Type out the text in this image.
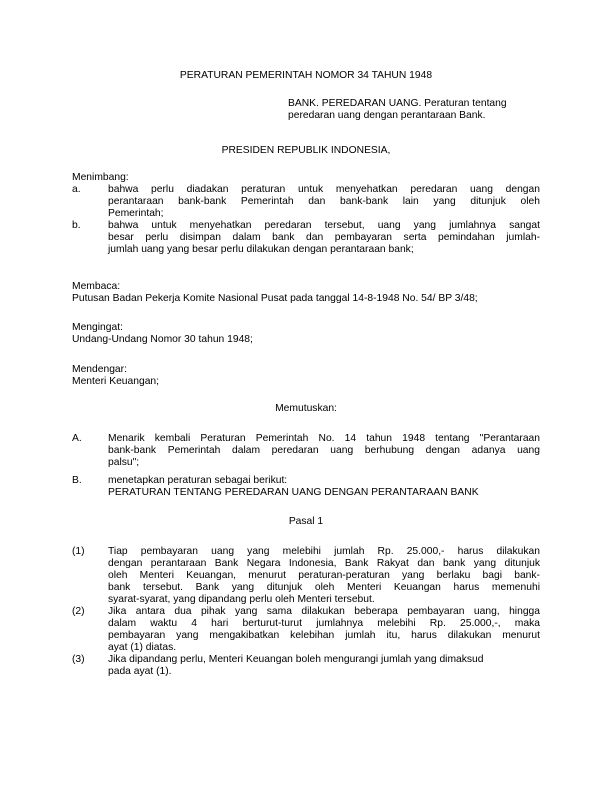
PERATURAN PEMERINTAH NOMOR 34 TAHUN 1948
BANK. PEREDARAN UANG. Peraturan tentang
peredaran uang dengan perantaraan Bank.
PRESIDEN REPUBLIK INDONESIA,
Menimbang:
a.	bahwa perlu diadakan peraturan untuk menyehatkan peredaran uang dengan
perantaraan bank-bank Pemerintah dan bank-bank lain yang ditunjuk oleh
Pemerintah;
b.	bahwa untuk menyehatkan peredaran tersebut, uang yang jumlahnya sangat
besar perlu disimpan dalam bank dan pembayaran serta pemindahan jumlah-
jumlah uang yang besar perlu dilakukan dengan perantaraan bank;
Membaca:
Putusan Badan Pekerja Komite Nasional Pusat pada tanggal 14-8-1948 No. 54/ BP 3/48;
Mengingat:
Undang-Undang Nomor 30 tahun 1948;
Mendengar:
Menteri Keuangan;
Memutuskan:
A.	Menarik kembali Peraturan Pemerintah No. 14 tahun 1948 tentang "Perantaraan
bank-bank Pemerintah dalam peredaran uang berhubung dengan adanya uang
palsu";
B.	menetapkan peraturan sebagai berikut:
PERATURAN TENTANG PEREDARAN UANG DENGAN PERANTARAAN BANK
Pasal 1
(1) Tiap pembayaran uang yang melebihi jumlah Rp. 25.000,- harus dilakukan
dengan perantaraan Bank Negara Indonesia, Bank Rakyat dan bank yang ditunjuk
oleh Menteri Keuangan, menurut peraturan-peraturan yang berlaku bagi bank-
bank tersebut. Bank yang ditunjuk oleh Menteri Keuangan harus memenuhi
syarat-syarat, yang dipandang perlu oleh Menteri tersebut.
(2) Jika antara dua pihak yang sama dilakukan beberapa pembayaran uang, hingga
dalam waktu 4 hari berturut-turut jumlahnya melebihi Rp. 25.000,-, maka
pembayaran yang mengakibatkan kelebihan jumlah itu, harus dilakukan menurut
ayat (1) diatas.
(3) Jika dipandang perlu, Menteri Keuangan boleh mengurangi jumlah yang dimaksud
pada ayat (1).
